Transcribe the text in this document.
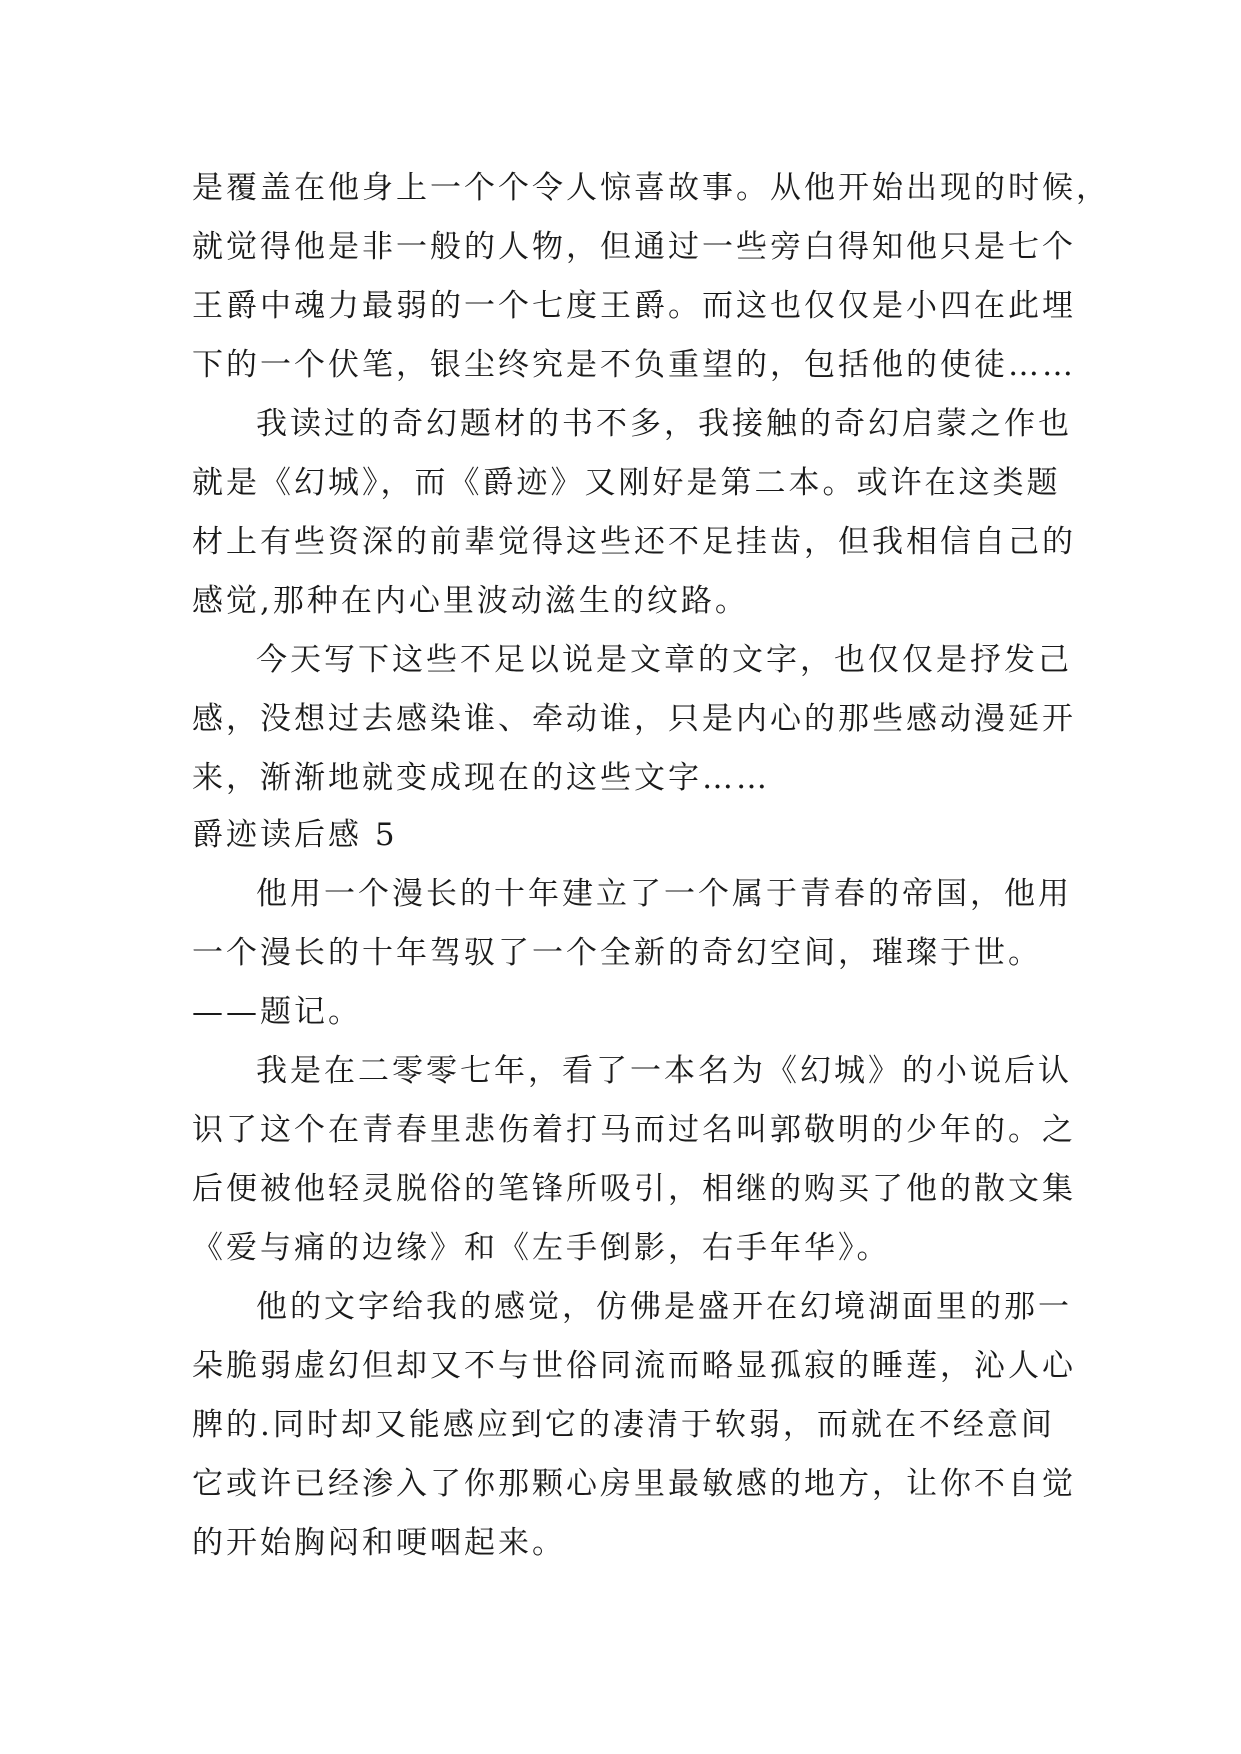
是覆盖在他身上一个个令人惊喜故事。从他开始出现的时候，
就觉得他是非一般的人物，但通过一些旁白得知他只是七个
王爵中魂力最弱的一个七度王爵。而这也仅仅是小四在此埋
下的一个伏笔，银尘终究是不负重望的，包括他的使徒……
我读过的奇幻题材的书不多，我接触的奇幻启蒙之作也
就是《幻城》，而《爵迹》又刚好是第二本。或许在这类题
材上有些资深的前辈觉得这些还不足挂齿，但我相信自己的
感觉,那种在内心里波动滋生的纹路。
今天写下这些不足以说是文章的文字，也仅仅是抒发己
感，没想过去感染谁、牵动谁，只是内心的那些感动漫延开
来，渐渐地就变成现在的这些文字……
爵迹读后感 5
他用一个漫长的十年建立了一个属于青春的帝国，他用
一个漫长的十年驾驭了一个全新的奇幻空间，璀璨于世。
——题记。
我是在二零零七年，看了一本名为《幻城》的小说后认
识了这个在青春里悲伤着打马而过名叫郭敬明的少年的。之
后便被他轻灵脱俗的笔锋所吸引，相继的购买了他的散文集
《爱与痛的边缘》和《左手倒影，右手年华》。
他的文字给我的感觉，仿佛是盛开在幻境湖面里的那一
朵脆弱虚幻但却又不与世俗同流而略显孤寂的睡莲，沁人心
脾的.同时却又能感应到它的凄清于软弱，而就在不经意间
它或许已经渗入了你那颗心房里最敏感的地方，让你不自觉
的开始胸闷和哽咽起来。
